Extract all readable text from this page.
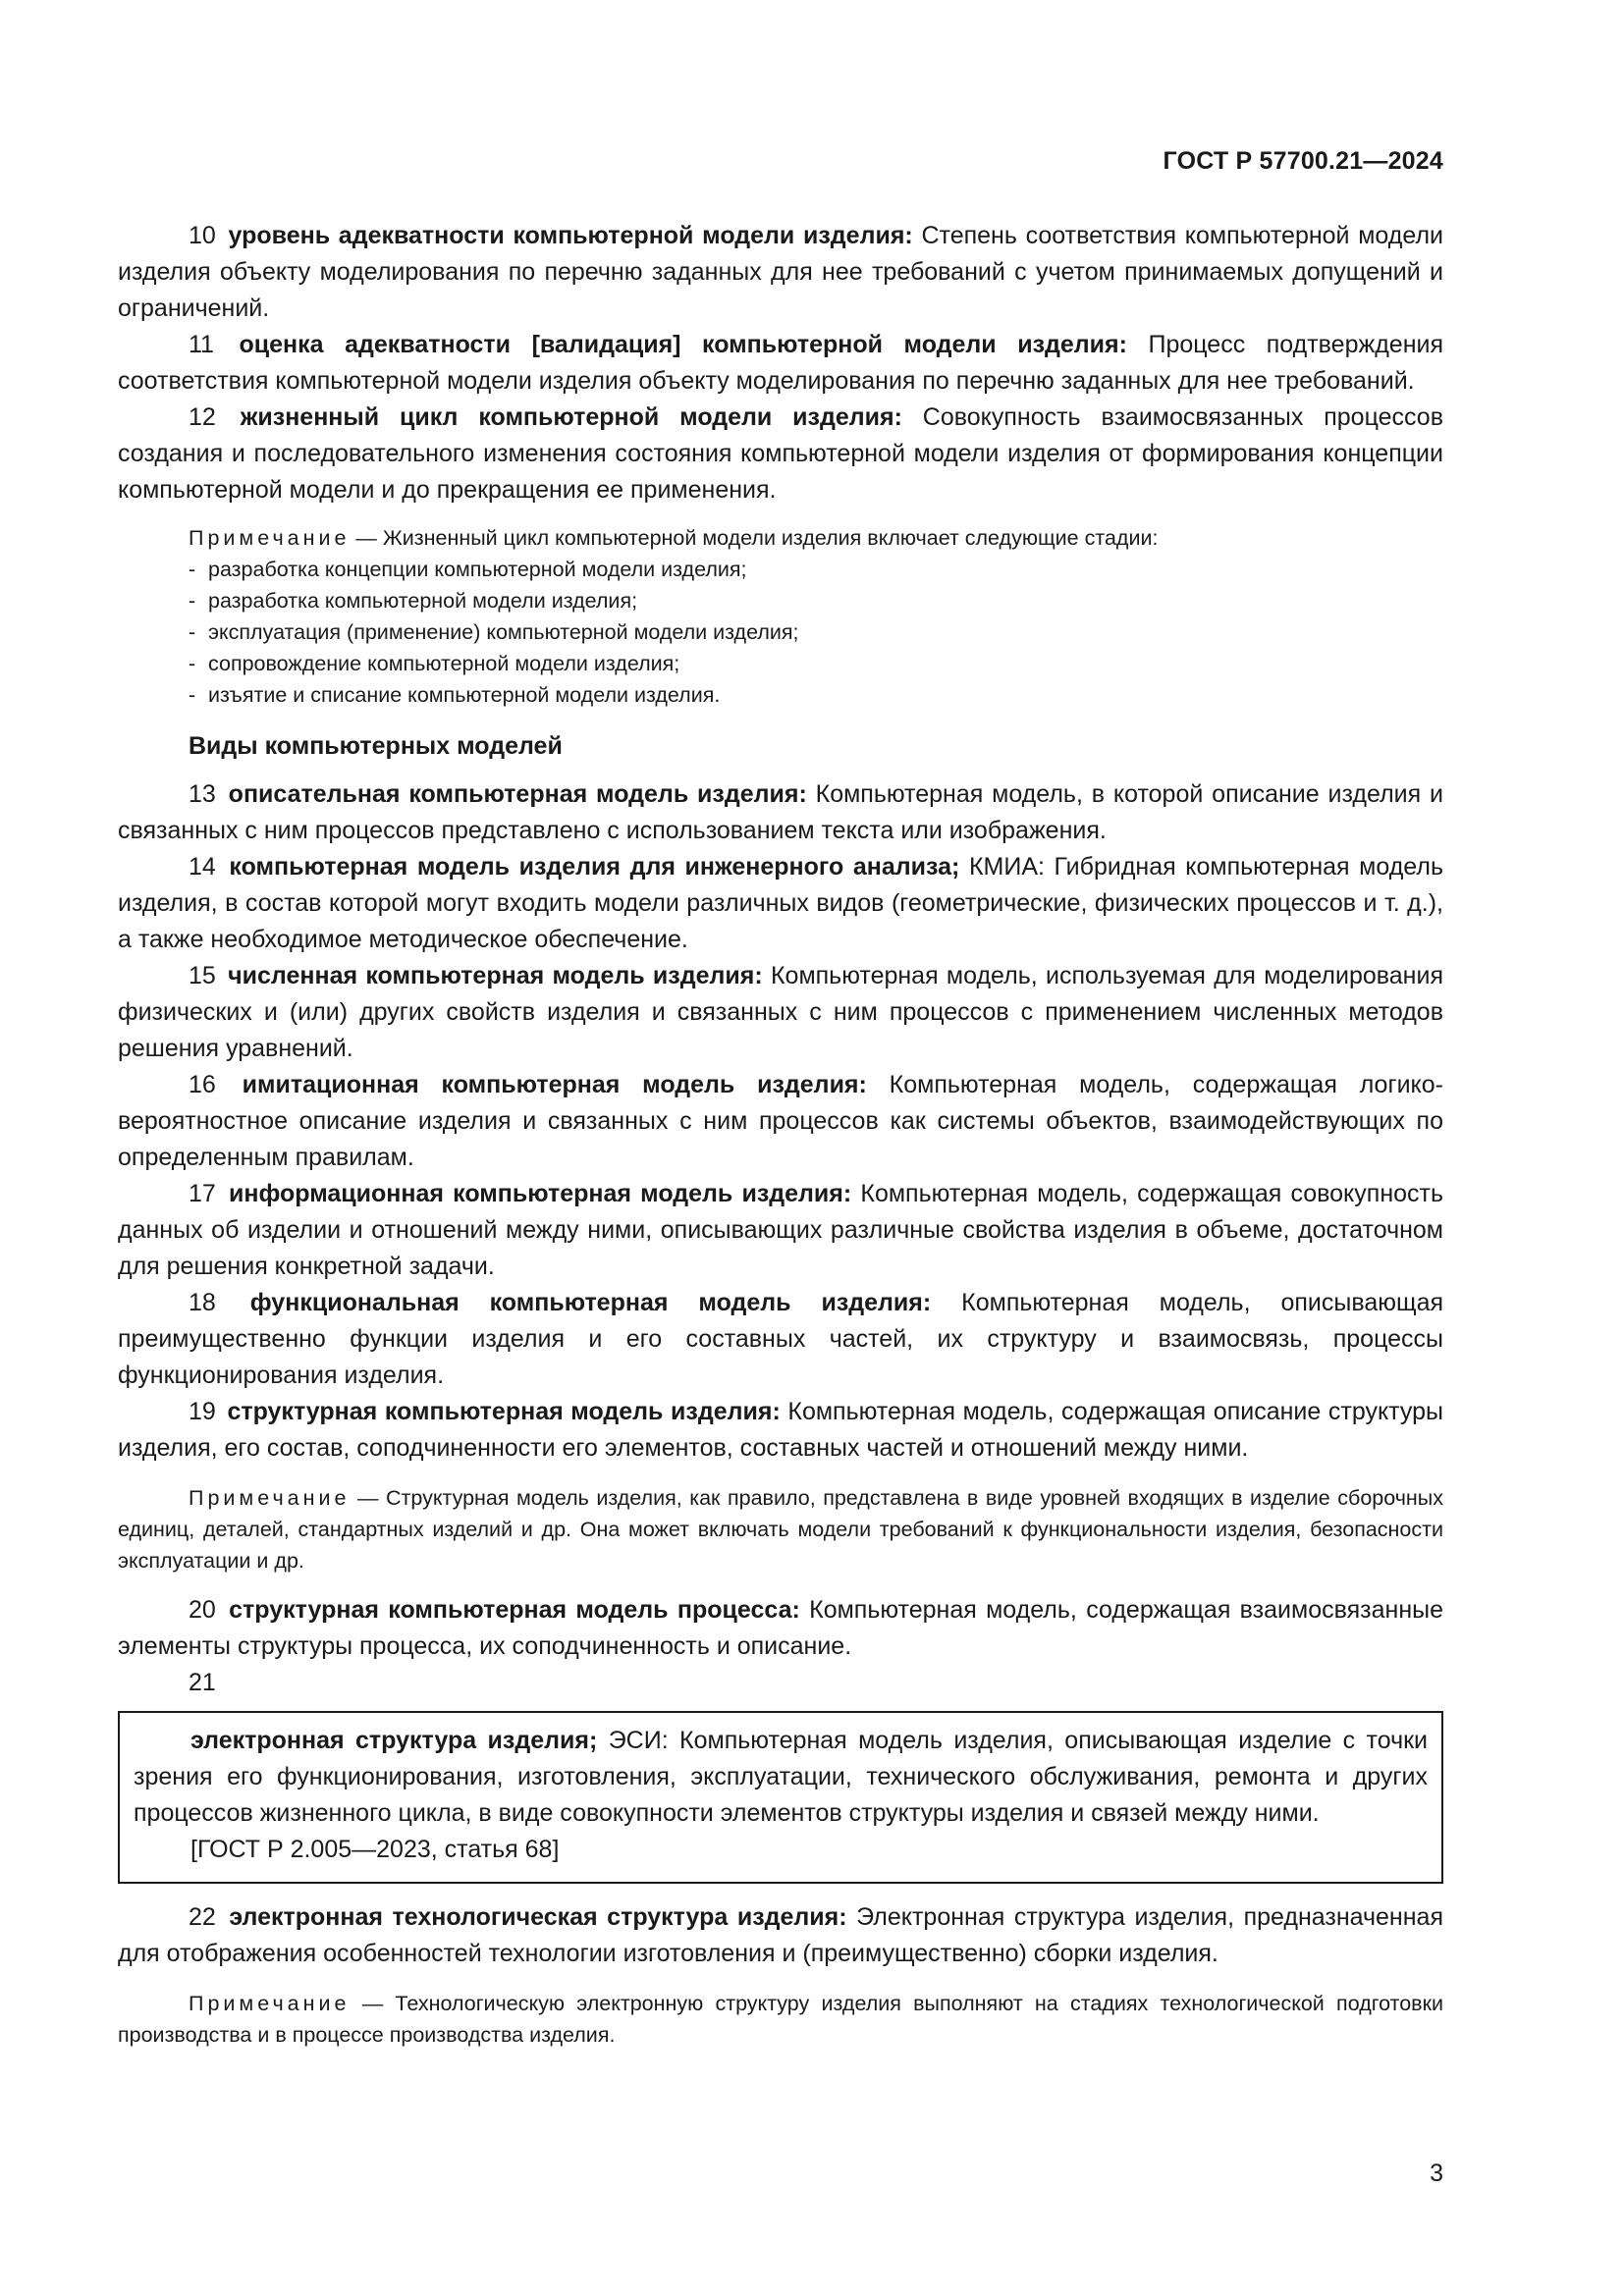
ГОСТ Р 57700.21—2024

10 уровень адекватности компьютерной модели изделия: Степень соответствия компьютерной модели изделия объекту моделирования по перечню заданных для нее требований с учетом принимаемых допущений и ограничений.

11 оценка адекватности [валидация] компьютерной модели изделия: Процесс подтверждения соответствия компьютерной модели изделия объекту моделирования по перечню заданных для нее требований.

12 жизненный цикл компьютерной модели изделия: Совокупность взаимосвязанных процессов создания и последовательного изменения состояния компьютерной модели изделия от формирования концепции компьютерной модели и до прекращения ее применения.

Примечание — Жизненный цикл компьютерной модели изделия включает следующие стадии:

- разработка концепции компьютерной модели изделия;
- разработка компьютерной модели изделия;
- эксплуатация (применение) компьютерной модели изделия;
- сопровождение компьютерной модели изделия;
- изъятие и списание компьютерной модели изделия.

Виды компьютерных моделей

13 описательная компьютерная модель изделия: Компьютерная модель, в которой описание изделия и связанных с ним процессов представлено с использованием текста или изображения.

14 компьютерная модель изделия для инженерного анализа; КМИА: Гибридная компьютерная модель изделия, в состав которой могут входить модели различных видов (геометрические, физических процессов и т. д.), а также необходимое методическое обеспечение.

15 численная компьютерная модель изделия: Компьютерная модель, используемая для моделирования физических и (или) других свойств изделия и связанных с ним процессов с применением численных методов решения уравнений.

16 имитационная компьютерная модель изделия: Компьютерная модель, содержащая логико-вероятностное описание изделия и связанных с ним процессов как системы объектов, взаимодействующих по определенным правилам.

17 информационная компьютерная модель изделия: Компьютерная модель, содержащая совокупность данных об изделии и отношений между ними, описывающих различные свойства изделия в объеме, достаточном для решения конкретной задачи.

18 функциональная компьютерная модель изделия: Компьютерная модель, описывающая преимущественно функции изделия и его составных частей, их структуру и взаимосвязь, процессы функционирования изделия.

19 структурная компьютерная модель изделия: Компьютерная модель, содержащая описание структуры изделия, его состав, соподчиненности его элементов, составных частей и отношений между ними.

Примечание — Структурная модель изделия, как правило, представлена в виде уровней входящих в изделие сборочных единиц, деталей, стандартных изделий и др. Она может включать модели требований к функциональности изделия, безопасности эксплуатации и др.

20 структурная компьютерная модель процесса: Компьютерная модель, содержащая взаимосвязанные элементы структуры процесса, их соподчиненность и описание.

21

электронная структура изделия; ЭСИ: Компьютерная модель изделия, описывающая изделие с точки зрения его функционирования, изготовления, эксплуатации, технического обслуживания, ремонта и других процессов жизненного цикла, в виде совокупности элементов структуры изделия и связей между ними.

[ГОСТ Р 2.005—2023, статья 68]

22 электронная технологическая структура изделия: Электронная структура изделия, предназначенная для отображения особенностей технологии изготовления и (преимущественно) сборки изделия.

Примечание — Технологическую электронную структуру изделия выполняют на стадиях технологической подготовки производства и в процессе производства изделия.

3
